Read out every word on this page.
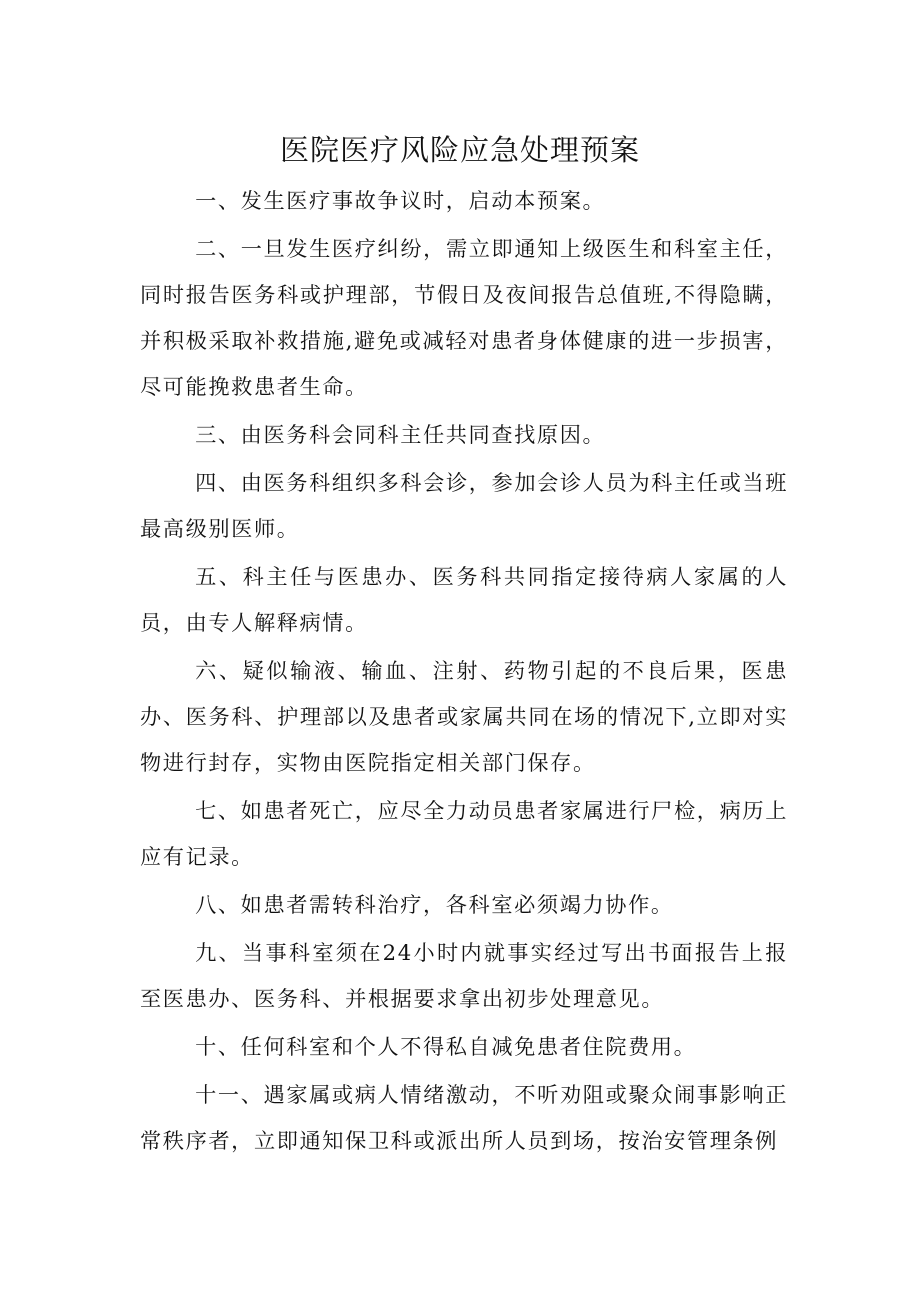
医院医疗风险应急处理预案

一、发生医疗事故争议时，启动本预案。

二、一旦发生医疗纠纷，需立即通知上级医生和科室主任，同时报告医务科或护理部，节假日及夜间报告总值班,不得隐瞒，并积极采取补救措施,避免或减轻对患者身体健康的进一步损害，尽可能挽救患者生命。

三、由医务科会同科主任共同查找原因。

四、由医务科组织多科会诊，参加会诊人员为科主任或当班最高级别医师。

五、科主任与医患办、医务科共同指定接待病人家属的人员，由专人解释病情。

六、疑似输液、输血、注射、药物引起的不良后果，医患办、医务科、护理部以及患者或家属共同在场的情况下,立即对实物进行封存，实物由医院指定相关部门保存。

七、如患者死亡，应尽全力动员患者家属进行尸检，病历上应有记录。

八、如患者需转科治疗，各科室必须竭力协作。

九、当事科室须在24小时内就事实经过写出书面报告上报至医患办、医务科、并根据要求拿出初步处理意见。

十、任何科室和个人不得私自减免患者住院费用。

十一、遇家属或病人情绪激动，不听劝阻或聚众闹事影响正常秩序者，立即通知保卫科或派出所人员到场，按治安管理条例
